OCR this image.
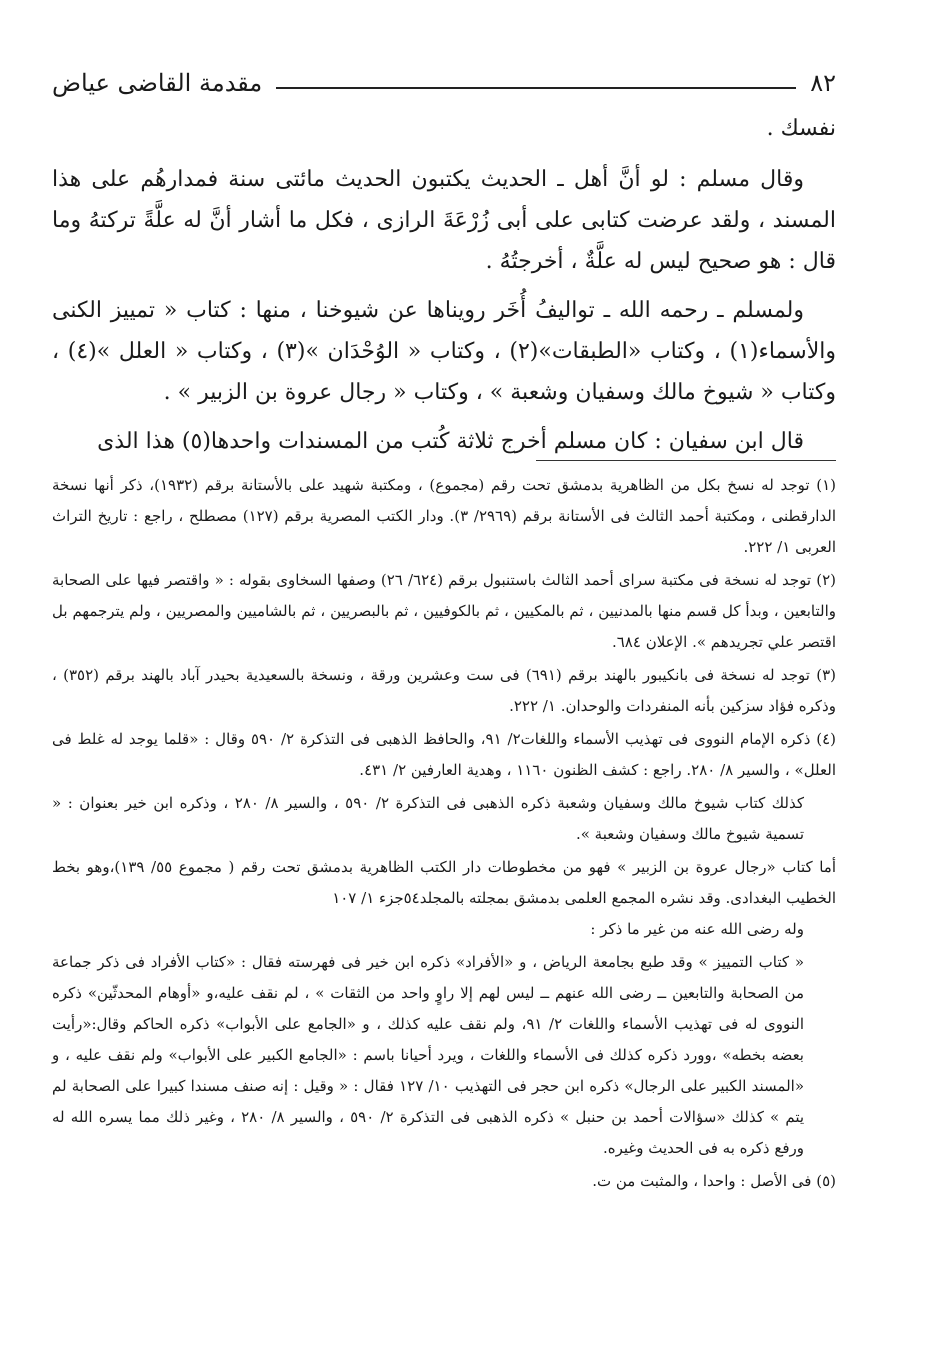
٨٢
مقدمة القاضى عياض

نفسك .

وقال مسلم : لو أنَّ أهل ـ الحديث يكتبون الحديث مائتى سنة فمدارهُم على هذا المسند ، ولقد عرضت كتابى على أبى زُرْعَةَ الرازى ، فكل ما أشار أنَّ له علَّةً تركتهُ وما قال : هو صحيح ليس له علَّةٌ ، أخرجتُهُ .

ولمسلم ـ رحمه الله ـ تواليفُ أُخَر رويناها عن شيوخنا ، منها : كتاب « تمييز الكنى والأسماء(١) ، وكتاب «الطبقات»(٢) ، وكتاب « الوُحْدَان »(٣) ، وكتاب « العلل »(٤) ، وكتاب « شيوخ مالك وسفيان وشعبة » ، وكتاب « رجال عروة بن الزبير » .

قال ابن سفيان : كان مسلم أخرج ثلاثة كُتب من المسندات واحدها(٥) هذا الذى

(١) توجد له نسخ بكل من الظاهرية بدمشق تحت رقم (مجموع) ، ومكتبة شهيد على بالأستانة برقم (١٩٣٢)، ذكر أنها نسخة الدارقطنى ، ومكتبة أحمد الثالث فى الأستانة برقم (٢٩٦٩/ ٣). ودار الكتب المصرية برقم (١٢٧) مصطلح ، راجع : تاريخ التراث العربى ١/ ٢٢٢.

(٢) توجد له نسخة فى مكتبة سراى أحمد الثالث باستنبول برقم (٦٢٤/ ٢٦) وصفها السخاوى بقوله : « واقتصر فيها على الصحابة والتابعين ، وبدأ كل قسم منها بالمدنيين ، ثم بالمكيين ، ثم بالكوفيين ، ثم بالبصريين ، ثم بالشاميين والمصريين ، ولم يترجمهم بل اقتصر علي تجريدهم ». الإعلان ٦٨٤.

(٣) توجد له نسخة فى بانكيبور بالهند برقم (٦٩١) فى ست وعشرين ورقة ، ونسخة بالسعيدية بحيدر آباد بالهند برقم (٣٥٢) ، وذكره فؤاد سزكين بأنه المنفردات والوحدان. ١/ ٢٢٢.

(٤) ذكره الإمام النووى فى تهذيب الأسماء واللغات٢/ ٩١، والحافظ الذهبى فى التذكرة ٢/ ٥٩٠ وقال : «قلما يوجد له غلط فى العلل» ، والسير ٨/ ٢٨٠. راجع : كشف الظنون ١١٦٠ ، وهدية العارفين ٢/ ٤٣١.

كذلك كتاب شيوخ مالك وسفيان وشعبة ذكره الذهبى فى التذكرة ٢/ ٥٩٠ ، والسير ٨/ ٢٨٠ ، وذكره ابن خير بعنوان : « تسمية شيوخ مالك وسفيان وشعبة ».

أما كتاب «رجال عروة بن الزبير » فهو من مخطوطات دار الكتب الظاهرية بدمشق تحت رقم ( مجموع ٥٥/ ١٣٩)،وهو بخط الخطيب البغدادى. وقد نشره المجمع العلمى بدمشق بمجلته بالمجلد٥٤جزء ١/ ١٠٧

وله رضى الله عنه من غير ما ذكر :

« كتاب التمييز » وقد طبع بجامعة الرياض ، و «الأفراد» ذكره ابن خير فى فهرسته فقال : «كتاب الأفراد فى ذكر جماعة من الصحابة والتابعين ــ رضى الله عنهم ــ ليس لهم إلا راوٍ واحد من الثقات » ، لم نقف عليه،و «أوهام المحدثّين» ذكره النووى له فى تهذيب الأسماء واللغات ٢/ ٩١، ولم نقف عليه كذلك ، و «الجامع على الأبواب» ذكره الحاكم وقال:«رأيت بعضه بخطه» ،وورد ذكره كذلك فى الأسماء واللغات ، ويرد أحيانا باسم : «الجامع الكبير على الأبواب» ولم نقف عليه ، و «المسند الكبير على الرجال» ذكره ابن حجر فى التهذيب ١٠/ ١٢٧ فقال : « وقيل : إنه صنف مسندا كبيرا على الصحابة لم يتم » كذلك «سؤالات أحمد بن حنبل » ذكره الذهبى فى التذكرة ٢/ ٥٩٠ ، والسير ٨/ ٢٨٠ ، وغير ذلك مما يسره الله له ورفع ذكره به فى الحديث وغيره.

(٥) فى الأصل : واحدا ، والمثبت من ت.
